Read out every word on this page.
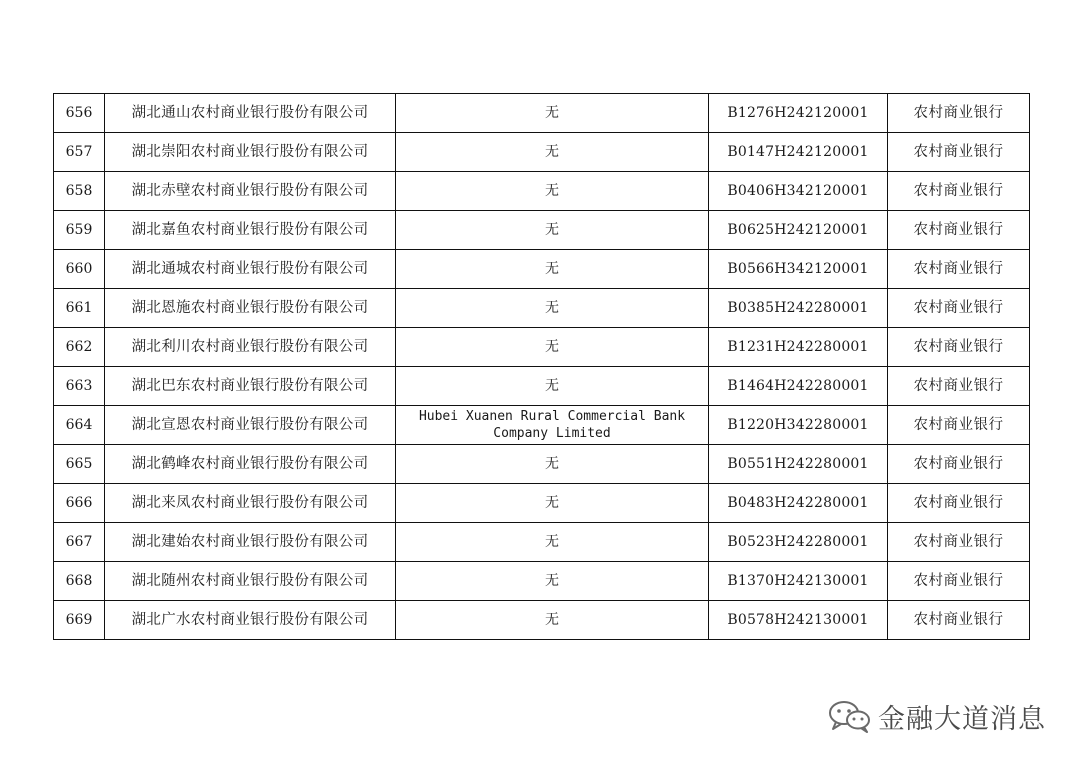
656	湖北通山农村商业银行股份有限公司	无	B1276H242120001	农村商业银行
657	湖北崇阳农村商业银行股份有限公司	无	B0147H242120001	农村商业银行
658	湖北赤壁农村商业银行股份有限公司	无	B0406H342120001	农村商业银行
659	湖北嘉鱼农村商业银行股份有限公司	无	B0625H242120001	农村商业银行
660	湖北通城农村商业银行股份有限公司	无	B0566H342120001	农村商业银行
661	湖北恩施农村商业银行股份有限公司	无	B0385H242280001	农村商业银行
662	湖北利川农村商业银行股份有限公司	无	B1231H242280001	农村商业银行
663	湖北巴东农村商业银行股份有限公司	无	B1464H242280001	农村商业银行
664	湖北宣恩农村商业银行股份有限公司	Hubei Xuanen Rural Commercial Bank Company Limited	B1220H342280001	农村商业银行
665	湖北鹤峰农村商业银行股份有限公司	无	B0551H242280001	农村商业银行
666	湖北来凤农村商业银行股份有限公司	无	B0483H242280001	农村商业银行
667	湖北建始农村商业银行股份有限公司	无	B0523H242280001	农村商业银行
668	湖北随州农村商业银行股份有限公司	无	B1370H242130001	农村商业银行
669	湖北广水农村商业银行股份有限公司	无	B0578H242130001	农村商业银行
金融大道消息
